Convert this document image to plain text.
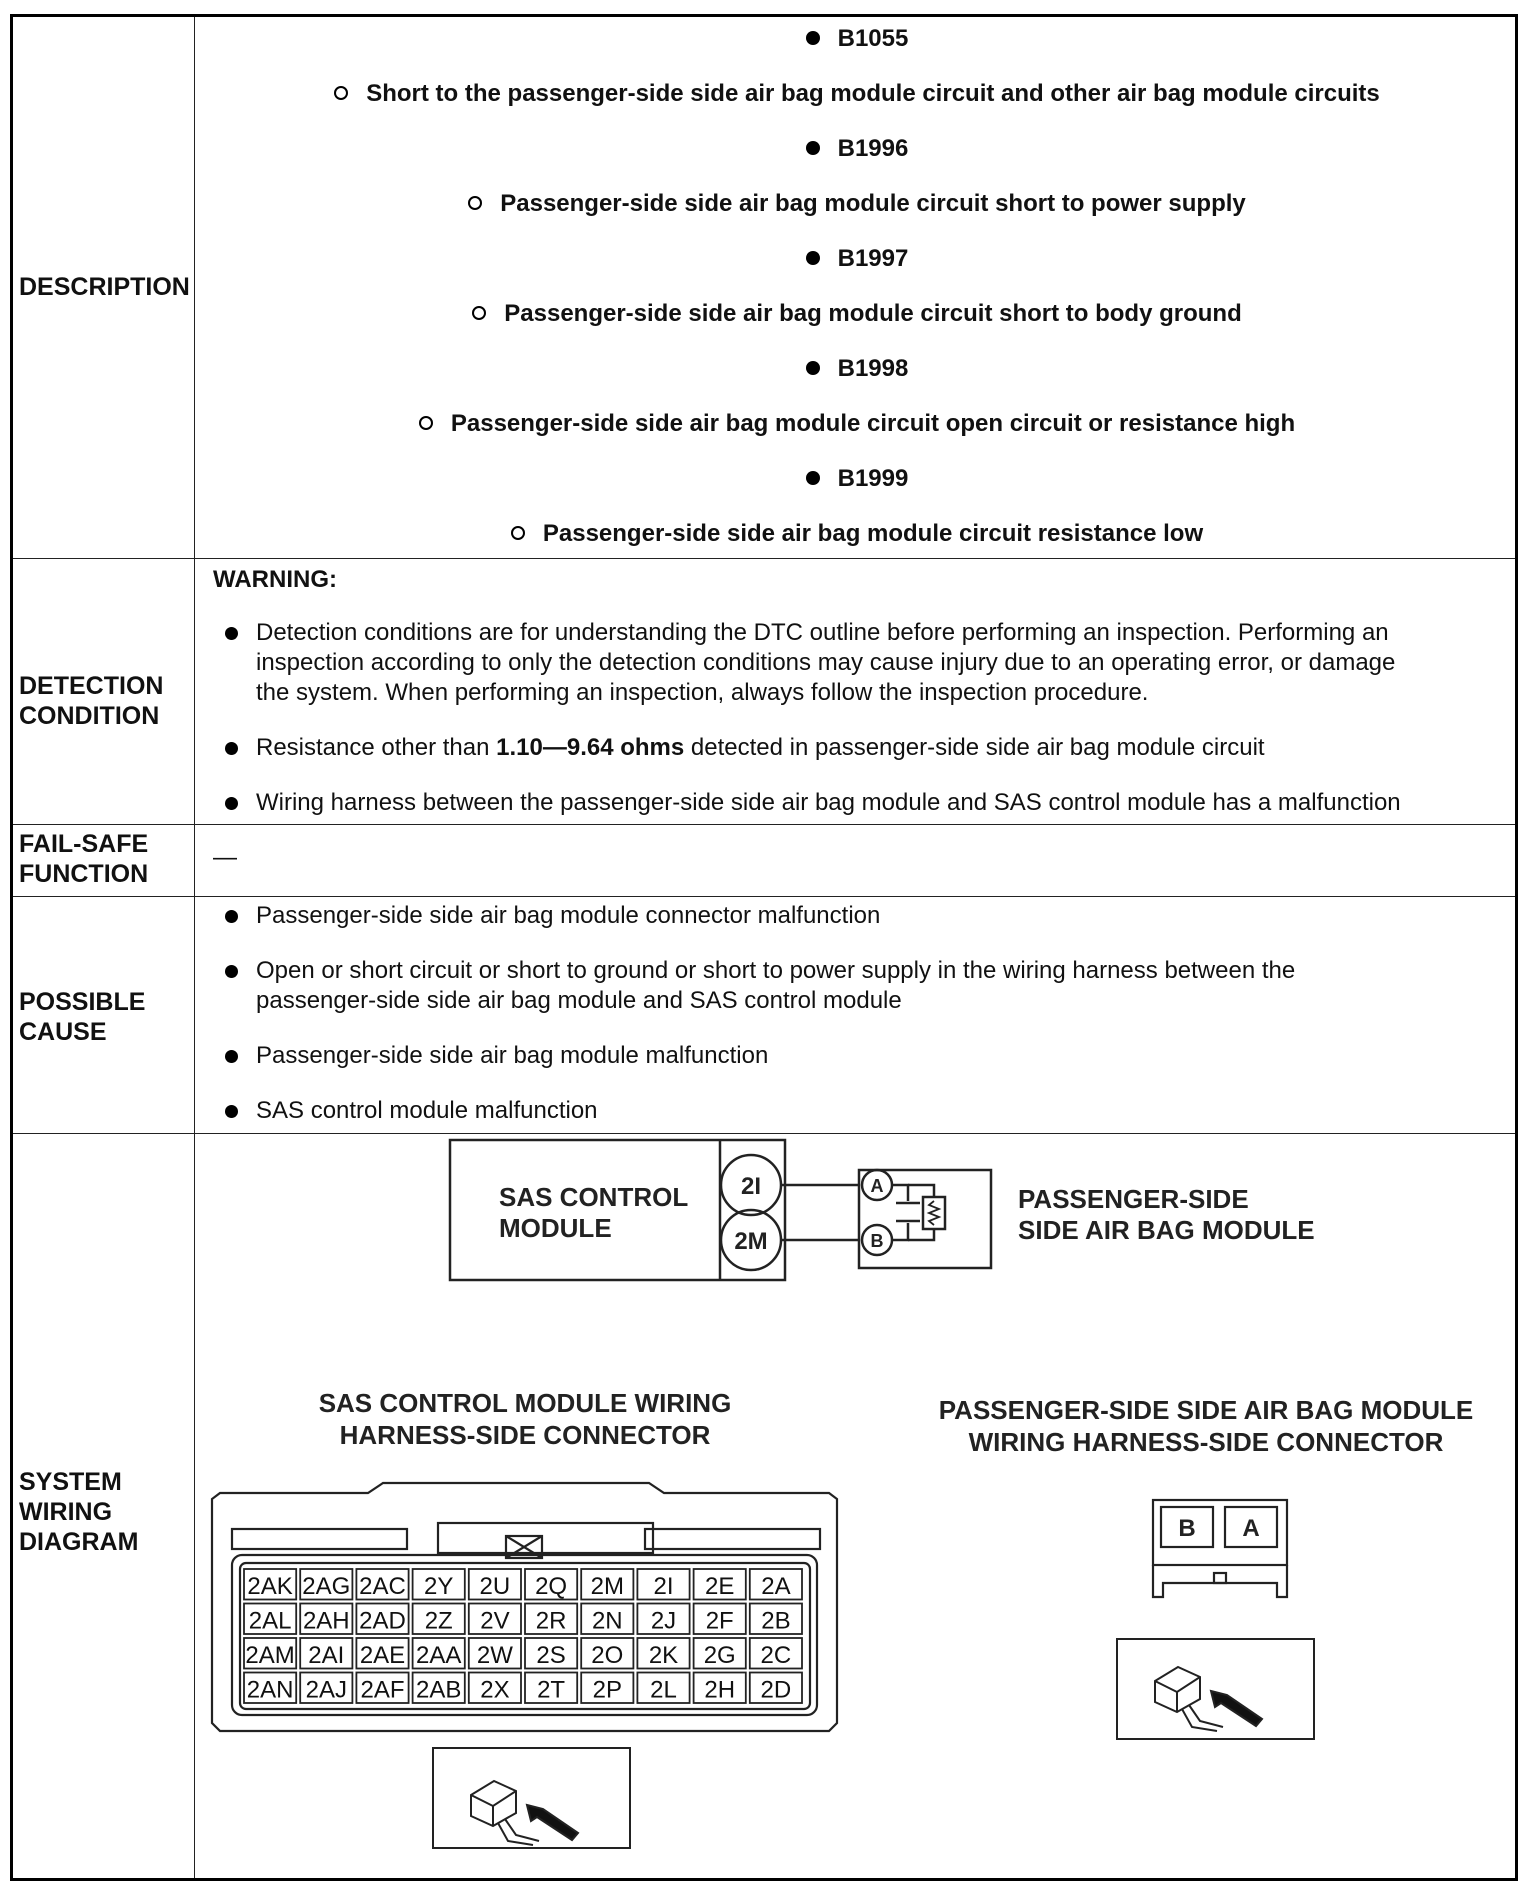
DESCRIPTION
B1055
Short to the passenger-side side air bag module circuit and other air bag module circuits
B1996
Passenger-side side air bag module circuit short to power supply
B1997
Passenger-side side air bag module circuit short to body ground
B1998
Passenger-side side air bag module circuit open circuit or resistance high
B1999
Passenger-side side air bag module circuit resistance low
DETECTION
CONDITION
WARNING:
Detection conditions are for understanding the DTC outline before performing an inspection. Performing an
inspection according to only the detection conditions may cause injury due to an operating error, or damage
the system. When performing an inspection, always follow the inspection procedure.
Resistance other than 1.10—9.64 ohms detected in passenger-side side air bag module circuit
Wiring harness between the passenger-side side air bag module and SAS control module has a malfunction
FAIL-SAFE
FUNCTION
—
POSSIBLE
CAUSE
Passenger-side side air bag module connector malfunction
Open or short circuit or short to ground or short to power supply in the wiring harness between the
passenger-side side air bag module and SAS control module
Passenger-side side air bag module malfunction
SAS control module malfunction
SYSTEM
WIRING
DIAGRAM
SAS CONTROL
MODULE
2I
2M
A
B
PASSENGER-SIDE
SIDE AIR BAG MODULE
SAS CONTROL MODULE WIRING
HARNESS-SIDE CONNECTOR
PASSENGER-SIDE SIDE AIR BAG MODULE
WIRING HARNESS-SIDE CONNECTOR
2AK 2AG 2AC 2Y 2U 2Q 2M 2I 2E 2A
2AL 2AH 2AD 2Z 2V 2R 2N 2J 2F 2B
2AM 2AI 2AE 2AA 2W 2S 2O 2K 2G 2C
2AN 2AJ 2AF 2AB 2X 2T 2P 2L 2H 2D
B A
